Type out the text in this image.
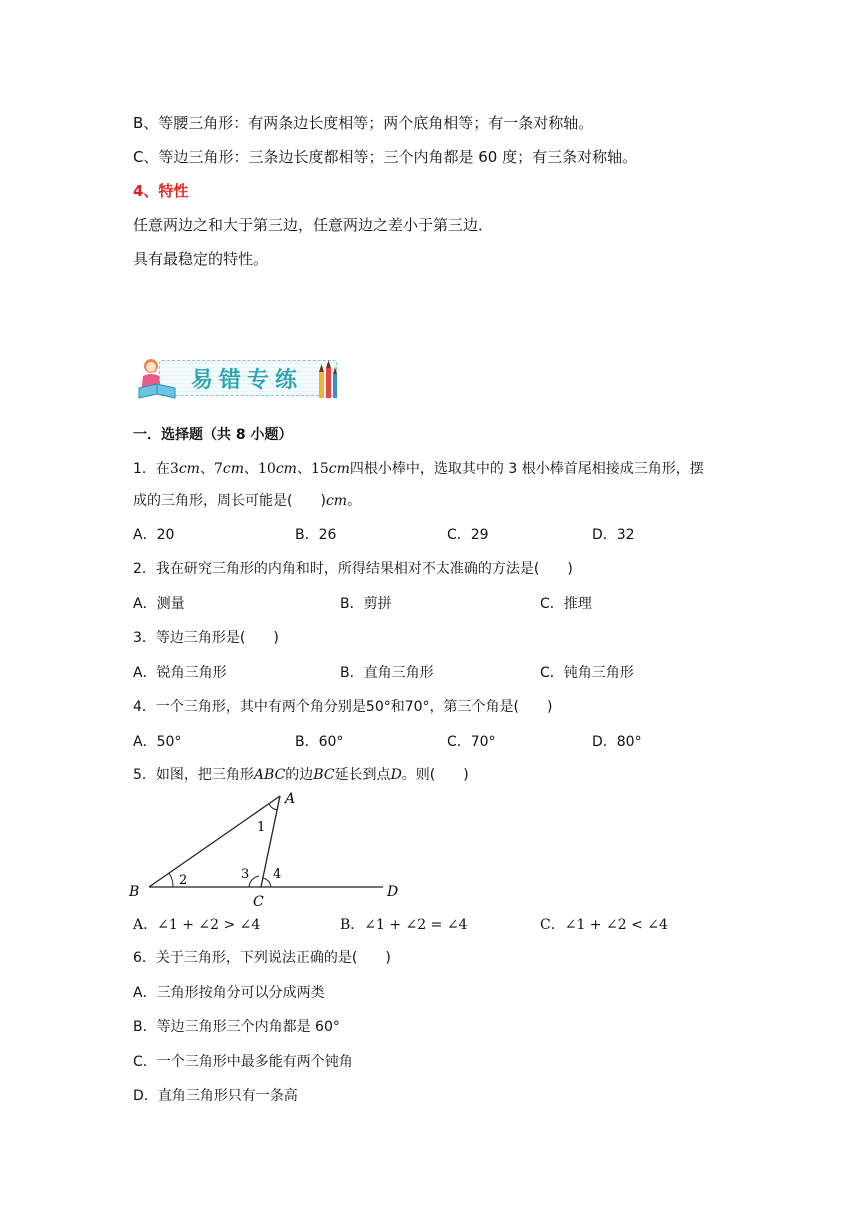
B、等腰三角形：有两条边长度相等；两个底角相等；有一条对称轴。
C、等边三角形：三条边长度都相等；三个内角都是 60 度；有三条对称轴。
4、特性
任意两边之和大于第三边，任意两边之差小于第三边．
具有最稳定的特性。
易错专练
一．选择题（共 8 小题）
1．在3cm、7cm、10cm、15cm四根小棒中，选取其中的 3 根小棒首尾相接成三角形，摆
成的三角形，周长可能是(　　)cm。
A．20	B．26	C．29	D．32
2．我在研究三角形的内角和时，所得结果相对不太准确的方法是(　　)
A．测量	B．剪拼	C．推理
3．等边三角形是(　　)
A．锐角三角形	B．直角三角形	C．钝角三角形
4．一个三角形，其中有两个角分别是50°和70°，第三个角是(　　)
A．50°	B．60°	C．70°	D．80°
5．如图，把三角形ABC的边BC延长到点D。则(　　)
A
B
C
D
1
2	3 4
A．∠1 + ∠2 > ∠4	B．∠1 + ∠2 = ∠4	C．∠1 + ∠2 < ∠4
6．关于三角形，下列说法正确的是(　　)
A．三角形按角分可以分成两类
B．等边三角形三个内角都是 60°
C．一个三角形中最多能有两个钝角
D．直角三角形只有一条高
